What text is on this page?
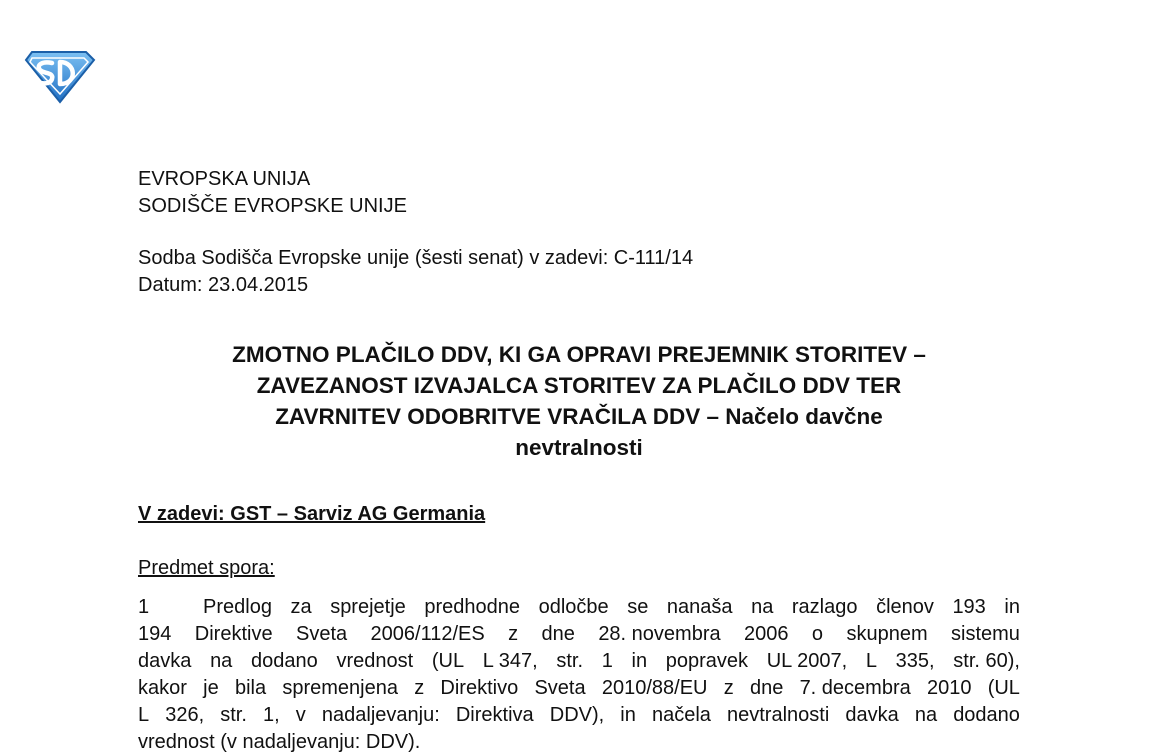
EVROPSKA UNIJA
SODIŠČE EVROPSKE UNIJE
Sodba Sodišča Evropske unije (šesti senat) v zadevi: C-111/14
Datum: 23.04.2015
ZMOTNO PLAČILO DDV, KI GA OPRAVI PREJEMNIK STORITEV –
ZAVEZANOST IZVAJALCA STORITEV ZA PLAČILO DDV TER
ZAVRNITEV ODOBRITVE VRAČILA DDV – Načelo davčne
nevtralnosti
V zadevi: GST – Sarviz AG Germania
Predmet spora:
1	Predlog za sprejetje predhodne odločbe se nanaša na razlago členov 193 in
194 Direktive Sveta 2006/112/ES z dne 28. novembra 2006 o skupnem sistemu
davka na dodano vrednost (UL L 347, str. 1 in popravek UL 2007, L 335, str. 60),
kakor je bila spremenjena z Direktivo Sveta 2010/88/EU z dne 7. decembra 2010 (UL
L 326, str. 1, v nadaljevanju: Direktiva DDV), in načela nevtralnosti davka na dodano
vrednost (v nadaljevanju: DDV).
